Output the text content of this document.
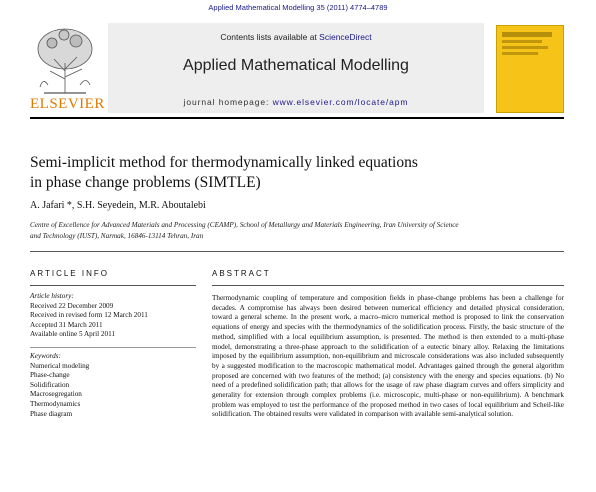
Applied Mathematical Modelling 35 (2011) 4774–4789
ELSEVIER
Contents lists available at ScienceDirect
Applied Mathematical Modelling
journal homepage: www.elsevier.com/locate/apm
Semi-implicit method for thermodynamically linked equations
in phase change problems (SIMTLE)
A. Jafari *, S.H. Seyedein, M.R. Aboutalebi
Centre of Excellence for Advanced Materials and Processing (CEAMP), School of Metallurgy and Materials Engineering, Iran University of Science
and Technology (IUST), Narmak, 16846-13114 Tehran, Iran
ARTICLE INFO	ABSTRACT
Article history:
Received 22 December 2009
Received in revised form 12 March 2011
Accepted 31 March 2011
Available online 5 April 2011
Keywords:
Numerical modeling
Phase-change
Solidification
Macrosegregation
Thermodynamics
Phase diagram
Thermodynamic coupling of temperature and composition fields in phase-change problems has been a challenge for decades. A compromise has always been desired between numerical efficiency and detailed physical consideration, toward a general scheme. In the present work, a macro–micro numerical method is proposed to link the conservation equations of energy and species with the thermodynamics of the solidification process. Firstly, the basic structure of the method, simplified with a local equilibrium assumption, is presented. The method is then extended to a multi-phase model, demonstrating a three-phase approach to the solidification of a eutectic binary alloy. Relaxing the limitations imposed by the equilibrium assumption, non-equilibrium and microscale considerations was also included subsequently by a suggested modification to the macroscopic mathematical model. Advantages gained through the general algorithm proposed are concerned with two features of the method; (a) consistency with the energy and species equations. (b) No need of a predefined solidification path; that allows for the usage of raw phase diagram curves and offers simplicity and generality for extension through complex problems (i.e. microscopic, multi-phase or non-equilibrium). A benchmark problem was employed to test the performance of the proposed method in two cases of local equilibrium and Scheil-like solidification. The obtained results were validated in comparison with available semi-analytical solution.
